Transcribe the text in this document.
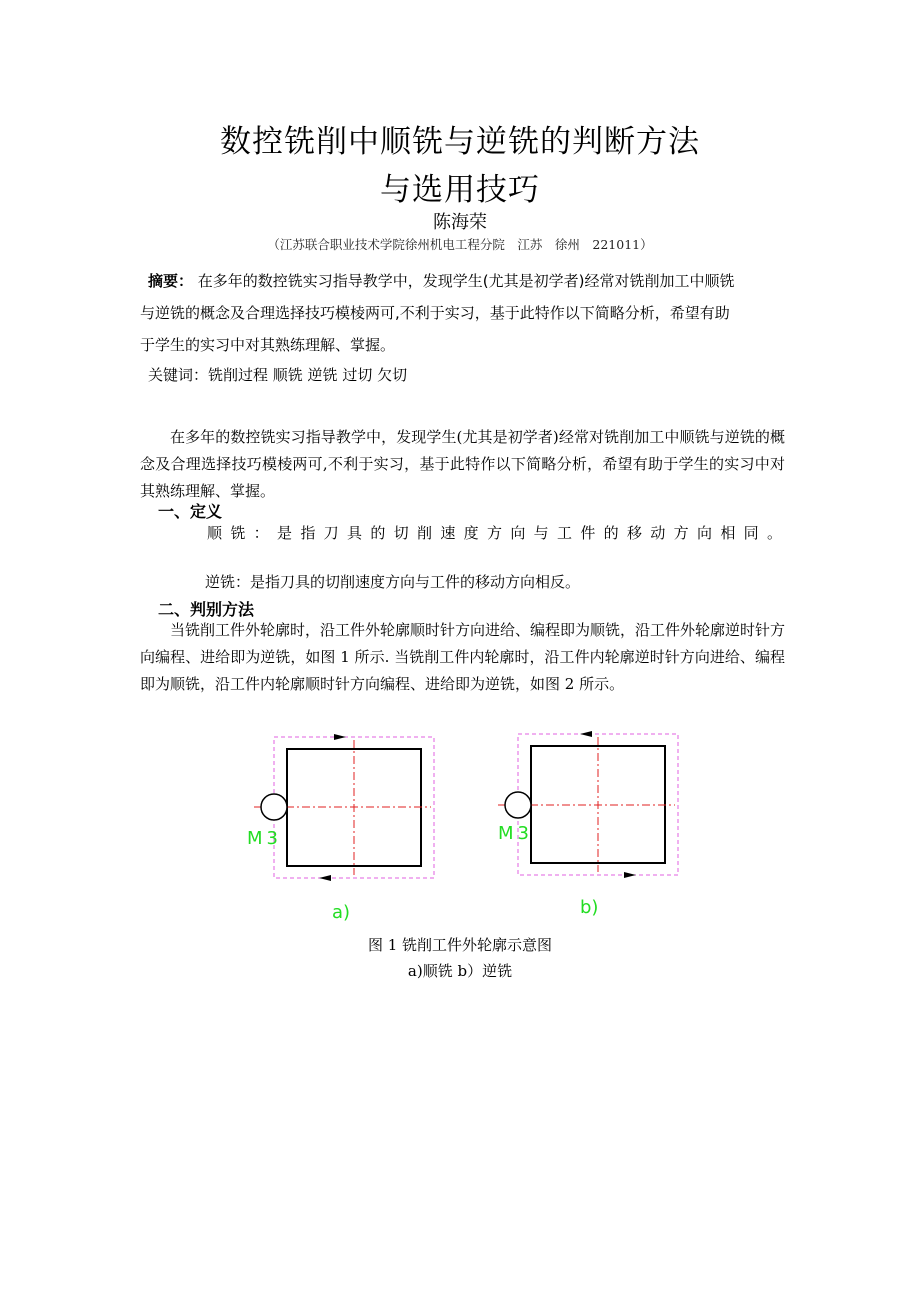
数控铣削中顺铣与逆铣的判断方法
与选用技巧
陈海荣
（江苏联合职业技术学院徐州机电工程分院　江苏　徐州　221011）
摘要： 在多年的数控铣实习指导教学中，发现学生(尤其是初学者)经常对铣削加工中顺铣
与逆铣的概念及合理选择技巧模棱两可,不利于实习，基于此特作以下简略分析，希望有助
于学生的实习中对其熟练理解、掌握。
关键词：铣削过程 顺铣 逆铣 过切 欠切
在多年的数控铣实习指导教学中，发现学生(尤其是初学者)经常对铣削加工中顺铣与逆铣的概念及合理选择技巧模棱两可,不利于实习，基于此特作以下简略分析，希望有助于学生的实习中对其熟练理解、掌握。
一、定义
顺铣：是指刀具的切削速度方向与工件的移动方向相同。
逆铣：是指刀具的切削速度方向与工件的移动方向相反。
二、判别方法
当铣削工件外轮廓时，沿工件外轮廓顺时针方向进给、编程即为顺铣，沿工件外轮廓逆时针方向编程、进给即为逆铣，如图 1 所示. 当铣削工件内轮廓时，沿工件内轮廓逆时针方向进给、编程即为顺铣，沿工件内轮廓顺时针方向编程、进给即为逆铣，如图 2 所示。
M3
a)
M3
b)
图 1 铣削工件外轮廓示意图
a)顺铣 b）逆铣
